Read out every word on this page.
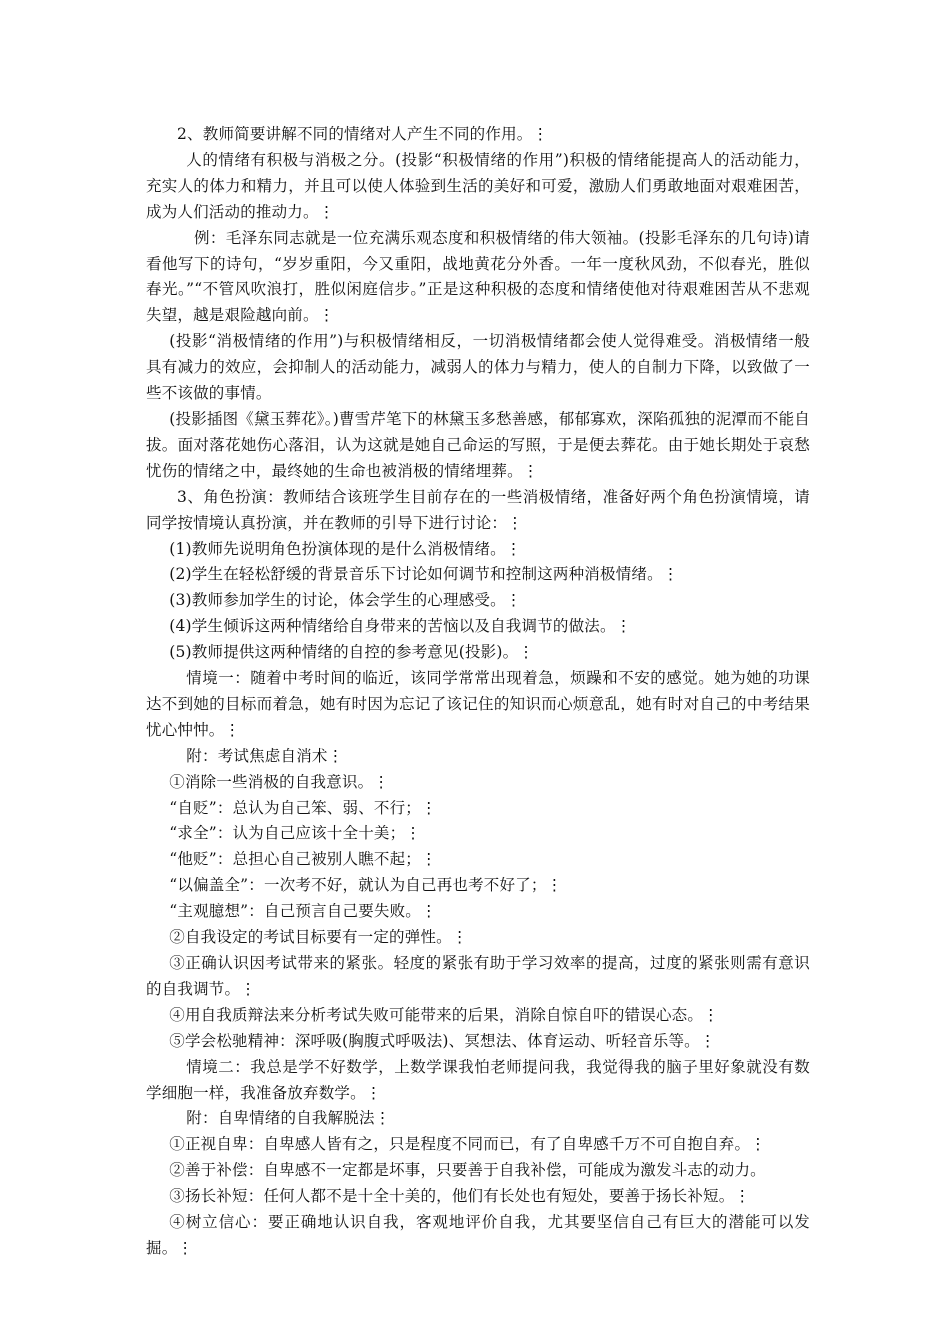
2、教师简要讲解不同的情绪对人产生不同的作用。⋮

人的情绪有积极与消极之分。(投影“积极情绪的作用”)积极的情绪能提高人的活动能力，充实人的体力和精力，并且可以使人体验到生活的美好和可爱，激励人们勇敢地面对艰难困苦，成为人们活动的推动力。⋮

例：毛泽东同志就是一位充满乐观态度和积极情绪的伟大领袖。(投影毛泽东的几句诗)请看他写下的诗句，“岁岁重阳，今又重阳，战地黄花分外香。一年一度秋风劲，不似春光，胜似春光。”“不管风吹浪打，胜似闲庭信步。”正是这种积极的态度和情绪使他对待艰难困苦从不悲观失望，越是艰险越向前。⋮

(投影“消极情绪的作用”)与积极情绪相反，一切消极情绪都会使人觉得难受。消极情绪一般具有减力的效应，会抑制人的活动能力，减弱人的体力与精力，使人的自制力下降，以致做了一些不该做的事情。

(投影插图《黛玉葬花》。)曹雪芹笔下的林黛玉多愁善感，郁郁寡欢，深陷孤独的泥潭而不能自拔。面对落花她伤心落泪，认为这就是她自己命运的写照，于是便去葬花。由于她长期处于哀愁忧伤的情绪之中，最终她的生命也被消极的情绪埋葬。⋮

3、角色扮演：教师结合该班学生目前存在的一些消极情绪，准备好两个角色扮演情境，请同学按情境认真扮演，并在教师的引导下进行讨论：⋮

(1)教师先说明角色扮演体现的是什么消极情绪。⋮

(2)学生在轻松舒缓的背景音乐下讨论如何调节和控制这两种消极情绪。⋮

(3)教师参加学生的讨论，体会学生的心理感受。⋮

(4)学生倾诉这两种情绪给自身带来的苦恼以及自我调节的做法。⋮

(5)教师提供这两种情绪的自控的参考意见(投影)。⋮

情境一：随着中考时间的临近，该同学常常出现着急，烦躁和不安的感觉。她为她的功课达不到她的目标而着急，她有时因为忘记了该记住的知识而心烦意乱，她有时对自己的中考结果忧心忡忡。⋮

附：考试焦虑自消术⋮

①消除一些消极的自我意识。⋮

“自贬”：总认为自己笨、弱、不行；⋮

“求全”：认为自己应该十全十美；⋮

“他贬”：总担心自己被别人瞧不起；⋮

“以偏盖全”：一次考不好，就认为自己再也考不好了；⋮

“主观臆想”：自己预言自己要失败。⋮

②自我设定的考试目标要有一定的弹性。⋮

③正确认识因考试带来的紧张。轻度的紧张有助于学习效率的提高，过度的紧张则需有意识的自我调节。⋮

④用自我质辩法来分析考试失败可能带来的后果，消除自惊自吓的错误心态。⋮

⑤学会松驰精神：深呼吸(胸腹式呼吸法)、冥想法、体育运动、听轻音乐等。⋮

情境二：我总是学不好数学，上数学课我怕老师提问我，我觉得我的脑子里好象就没有数学细胞一样，我准备放弃数学。⋮

附：自卑情绪的自我解脱法⋮

①正视自卑：自卑感人皆有之，只是程度不同而已，有了自卑感千万不可自抱自弃。⋮

②善于补偿：自卑感不一定都是坏事，只要善于自我补偿，可能成为激发斗志的动力。

③扬长补短：任何人都不是十全十美的，他们有长处也有短处，要善于扬长补短。⋮

④树立信心：要正确地认识自我，客观地评价自我，尤其要坚信自己有巨大的潜能可以发掘。⋮
